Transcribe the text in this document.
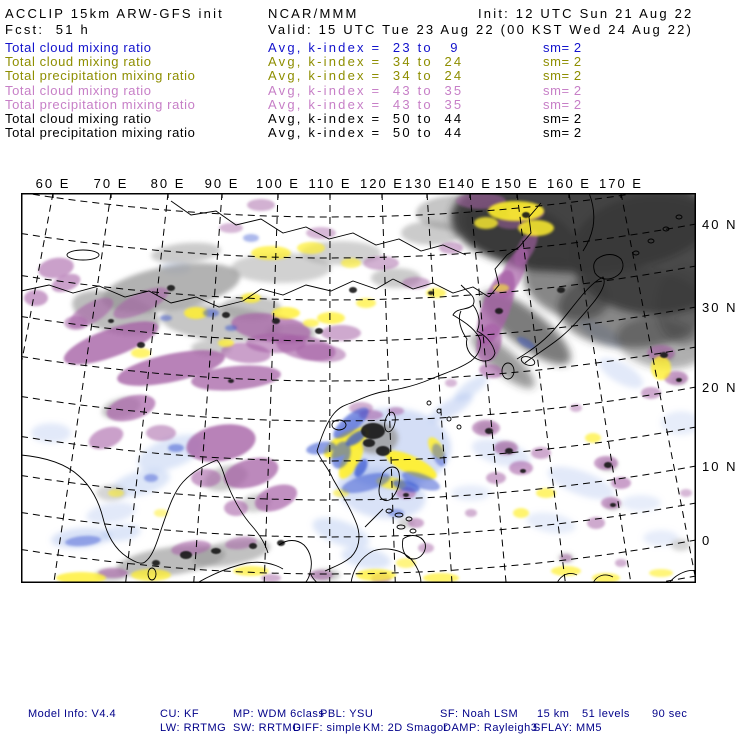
ACCLIP 15km ARW-GFS init	NCAR/MMM	Init: 12 UTC Sun 21 Aug 22
Fcst:  51 h	Valid: 15 UTC Tue 23 Aug 22 (00 KST Wed 24 Aug 22)
Total cloud mixing ratio	Avg, k-index =  23 to   9	sm= 2
Total cloud mixing ratio	Avg, k-index =  34 to  24	sm= 2
Total precipitation mixing ratio	Avg, k-index =  34 to  24	sm= 2
Total cloud mixing ratio	Avg, k-index =  43 to  35	sm= 2
Total precipitation mixing ratio	Avg, k-index =  43 to  35	sm= 2
Total cloud mixing ratio	Avg, k-index =  50 to  44	sm= 2
Total precipitation mixing ratio	Avg, k-index =  50 to  44	sm= 2
60 E 70 E 80 E 90 E 100 E 110 E 120 E 130 E 140 E 150 E 160 E 170 E
40 N
30 N
20 N
10 N
0
Model Info: V4.4	CU: KF	MP: WDM 6class
PBL: YSU	SF: Noah LSM 15 km 51 levels 90 sec
LW: RRTMG SW: RRTMG
DIFF: simple KM: 2D Smagor
DAMP: Rayleigh3
SFLAY: MM5
